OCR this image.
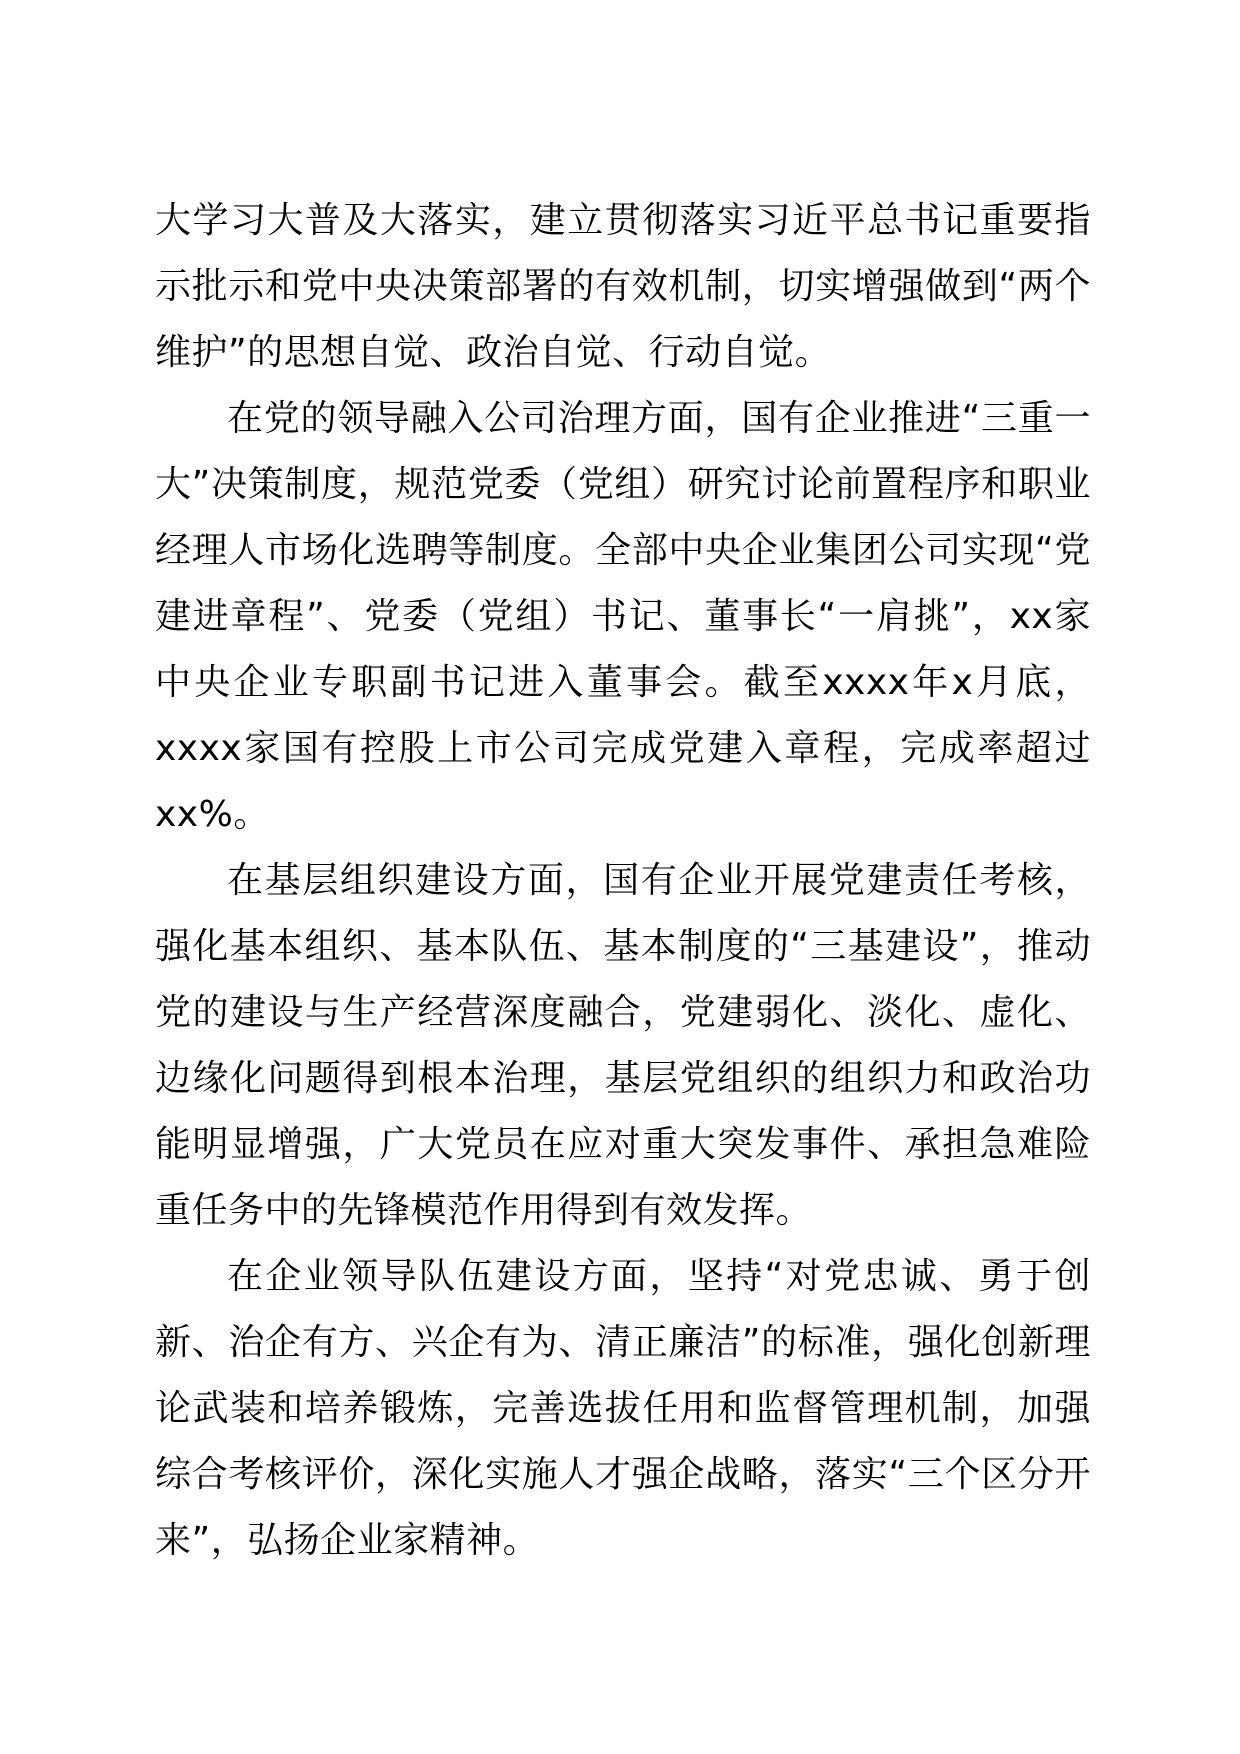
大学习大普及大落实，建立贯彻落实习近平总书记重要指示批示和党中央决策部署的有效机制，切实增强做到“两个维护”的思想自觉、政治自觉、行动自觉。

在党的领导融入公司治理方面，国有企业推进“三重一大”决策制度，规范党委（党组）研究讨论前置程序和职业经理人市场化选聘等制度。全部中央企业集团公司实现“党建进章程”、党委（党组）书记、董事长“一肩挑”，xx家中央企业专职副书记进入董事会。截至xxxx年x月底，xxxx家国有控股上市公司完成党建入章程，完成率超过xx%。

在基层组织建设方面，国有企业开展党建责任考核，强化基本组织、基本队伍、基本制度的“三基建设”，推动党的建设与生产经营深度融合，党建弱化、淡化、虚化、边缘化问题得到根本治理，基层党组织的组织力和政治功能明显增强，广大党员在应对重大突发事件、承担急难险重任务中的先锋模范作用得到有效发挥。

在企业领导队伍建设方面，坚持“对党忠诚、勇于创新、治企有方、兴企有为、清正廉洁”的标准，强化创新理论武装和培养锻炼，完善选拔任用和监督管理机制，加强综合考核评价，深化实施人才强企战略，落实“三个区分开来”，弘扬企业家精神。
